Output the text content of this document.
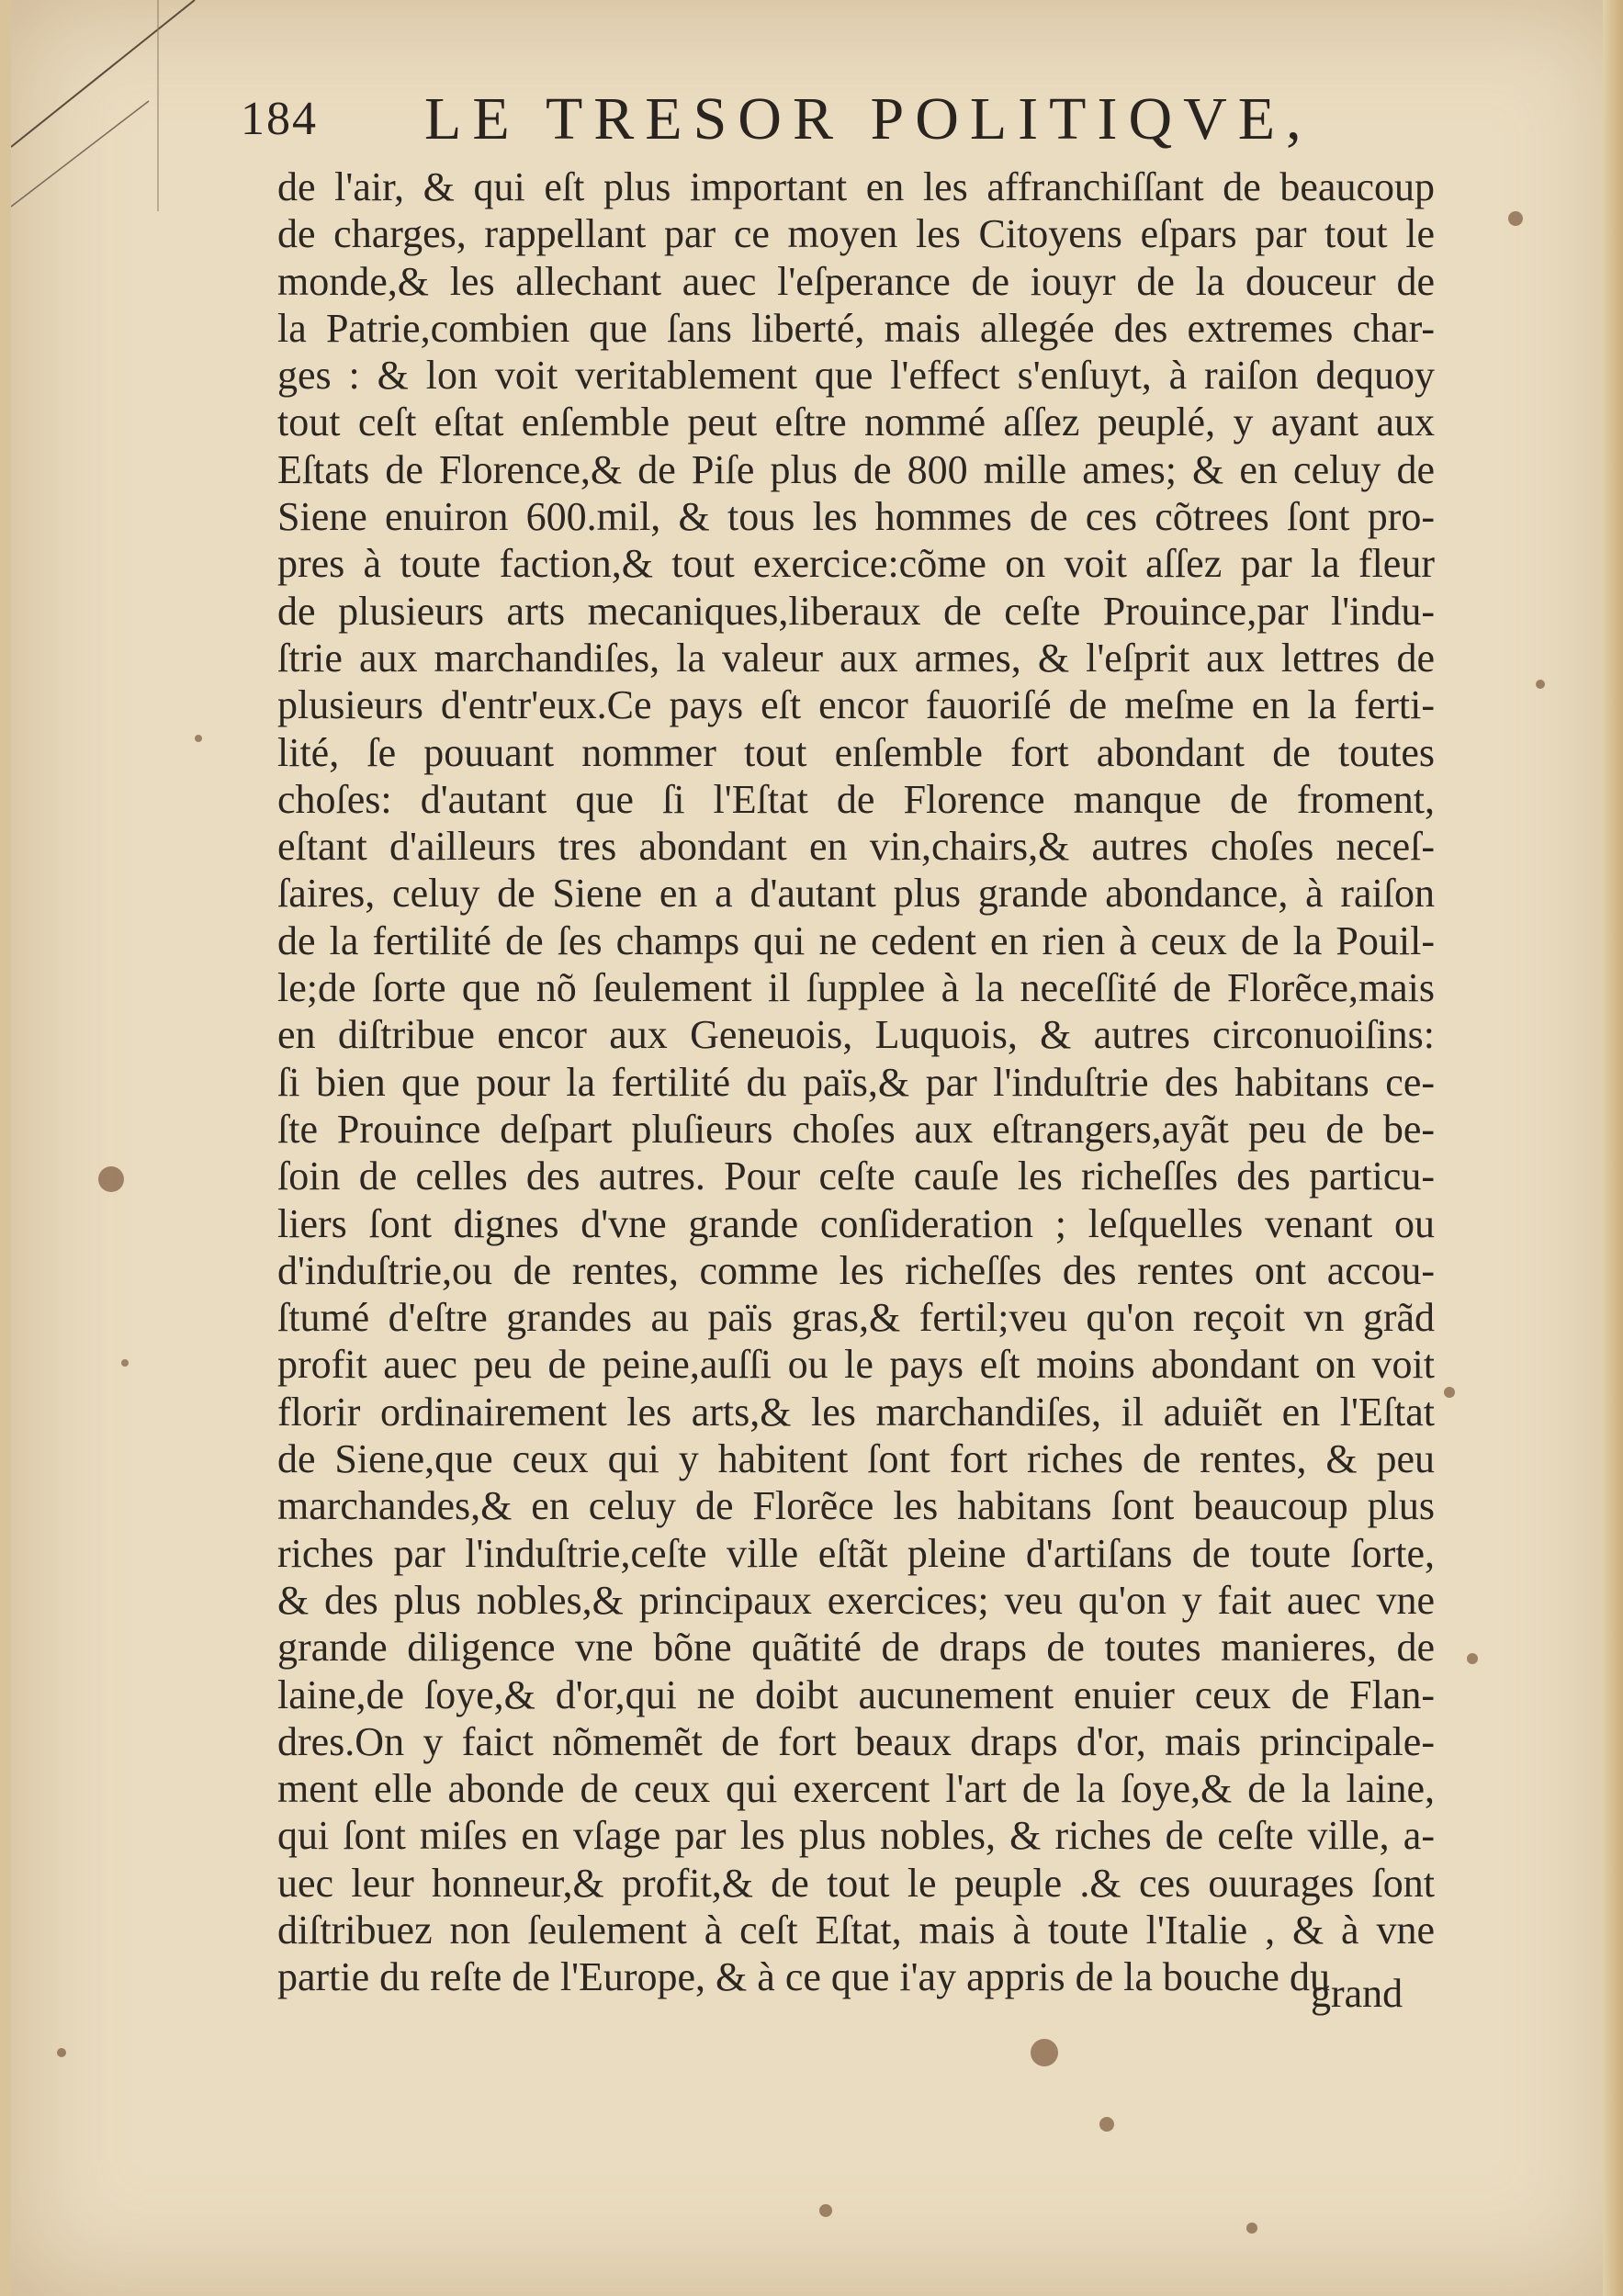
184 LE TRESOR POLITIQVE,
de l'air, & qui eſt plus important en les affranchiſſant de beaucoup
de charges, rappellant par ce moyen les Citoyens eſpars par tout le
monde,& les allechant auec l'eſperance de iouyr de la douceur de
la Patrie,combien que ſans liberté, mais allegée des extremes char-
ges : & lon voit veritablement que l'effect s'enſuyt, à raiſon dequoy
tout ceſt eſtat enſemble peut eſtre nommé aſſez peuplé, y ayant aux
Eſtats de Florence,& de Piſe plus de 800 mille ames; & en celuy de
Siene enuiron 600.mil, & tous les hommes de ces cõtrees ſont pro-
pres à toute faction,& tout exercice:cõme on voit aſſez par la fleur
de plusieurs arts mecaniques,liberaux de ceſte Prouince,par l'indu-
ſtrie aux marchandiſes, la valeur aux armes, & l'eſprit aux lettres de
plusieurs d'entr'eux.Ce pays eſt encor fauoriſé de meſme en la ferti-
lité, ſe pouuant nommer tout enſemble fort abondant de toutes
choſes: d'autant que ſi l'Eſtat de Florence manque de froment,
eſtant d'ailleurs tres abondant en vin,chairs,& autres choſes neceſ-
ſaires, celuy de Siene en a d'autant plus grande abondance, à raiſon
de la fertilité de ſes champs qui ne cedent en rien à ceux de la Pouil-
le;de ſorte que nõ ſeulement il ſupplee à la neceſſité de Florẽce,mais
en diſtribue encor aux Geneuois, Luquois, & autres circonuoiſins:
ſi bien que pour la fertilité du païs,& par l'induſtrie des habitans ce-
ſte Prouince deſpart pluſieurs choſes aux eſtrangers,ayãt peu de be-
ſoin de celles des autres. Pour ceſte cauſe les richeſſes des particu-
liers ſont dignes d'vne grande conſideration ; leſquelles venant ou
d'induſtrie,ou de rentes, comme les richeſſes des rentes ont accou-
ſtumé d'eſtre grandes au païs gras,& fertil;veu qu'on reçoit vn grãd
profit auec peu de peine,auſſi ou le pays eſt moins abondant on voit
florir ordinairement les arts,& les marchandiſes, il aduiẽt en l'Eſtat
de Siene,que ceux qui y habitent ſont fort riches de rentes, & peu
marchandes,& en celuy de Florẽce les habitans ſont beaucoup plus
riches par l'induſtrie,ceſte ville eſtãt pleine d'artiſans de toute ſorte,
& des plus nobles,& principaux exercices; veu qu'on y fait auec vne
grande diligence vne bõne quãtité de draps de toutes manieres, de
laine,de ſoye,& d'or,qui ne doibt aucunement enuier ceux de Flan-
dres.On y faict nõmemẽt de fort beaux draps d'or, mais principale-
ment elle abonde de ceux qui exercent l'art de la ſoye,& de la laine,
qui ſont miſes en vſage par les plus nobles, & riches de ceſte ville, a-
uec leur honneur,& profit,& de tout le peuple .& ces ouurages ſont
diſtribuez non ſeulement à ceſt Eſtat, mais à toute l'Italie , & à vne
partie du reſte de l'Europe, & à ce que i'ay appris de la bouche du
grand
